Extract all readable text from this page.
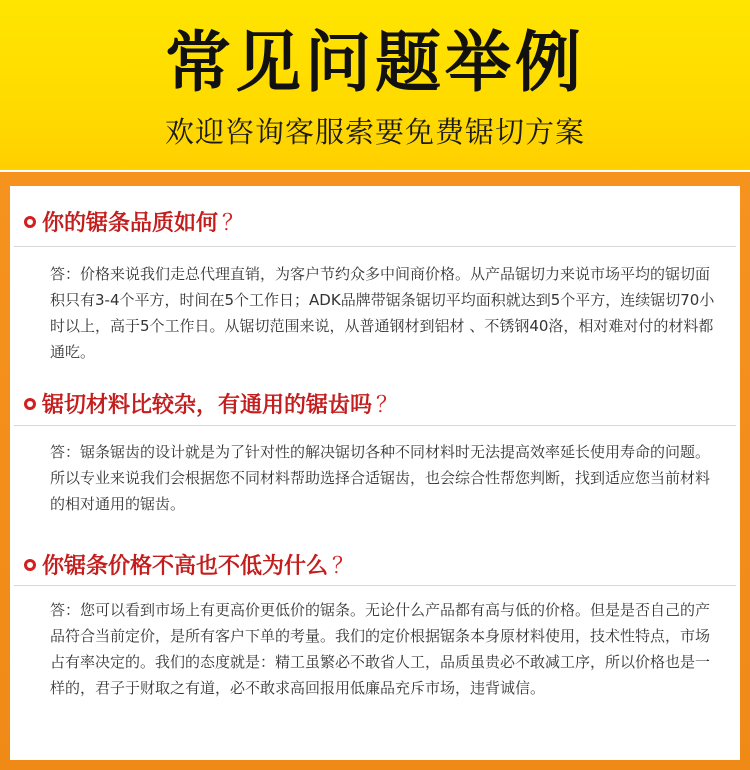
常见问题举例
欢迎咨询客服索要免费锯切方案
你的锯条品质如何 ？
答：价格来说我们走总代理直销，为客户节约众多中间商价格。从产品锯切力来说市场平均的锯切面积只有3-4个平方，时间在5个工作日；ADK品牌带锯条锯切平均面积就达到5个平方，连续锯切70小时以上，高于5个工作日。从锯切范围来说，从普通钢材到铝材 、不锈钢40洛，相对难对付的材料都通吃。
锯切材料比较杂，有通用的锯齿吗 ？
答：锯条锯齿的设计就是为了针对性的解决锯切各种不同材料时无法提高效率延长使用寿命的问题。所以专业来说我们会根据您不同材料帮助选择合适锯齿，也会综合性帮您判断，找到适应您当前材料的相对通用的锯齿。
你锯条价格不高也不低为什么 ？
答：您可以看到市场上有更高价更低价的锯条。无论什么产品都有高与低的价格。但是是否自己的产品符合当前定价，是所有客户下单的考量。我们的定价根据锯条本身原材料使用，技术性特点，市场占有率决定的。我们的态度就是：精工虽繁必不敢省人工，品质虽贵必不敢减工序，所以价格也是一样的，君子于财取之有道，必不敢求高回报用低廉品充斥市场，违背诚信。
